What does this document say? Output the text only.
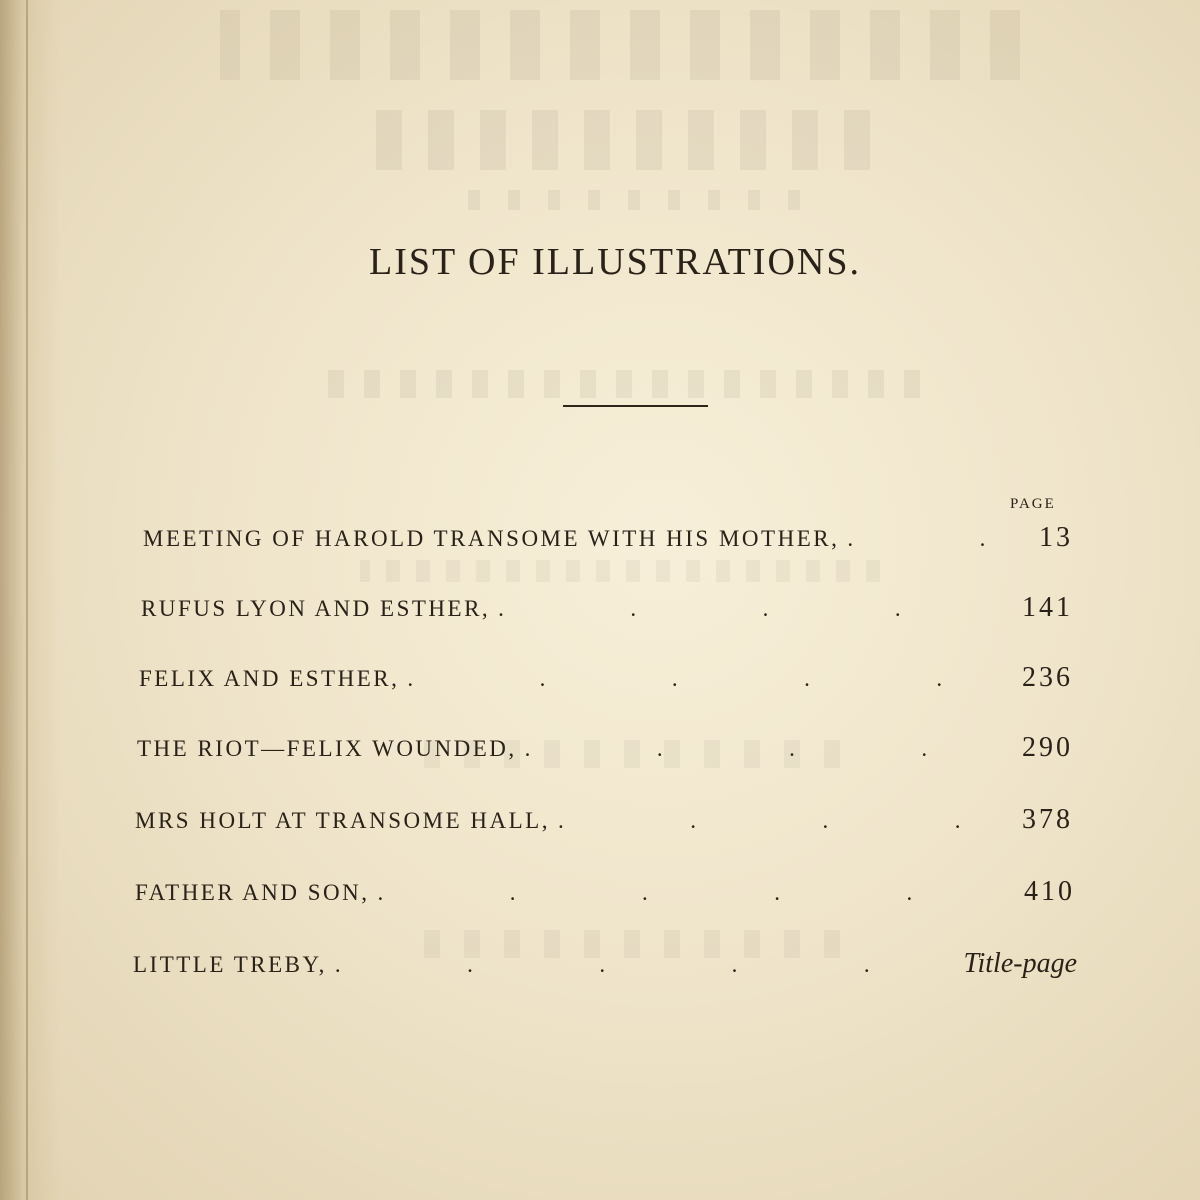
LIST OF ILLUSTRATIONS.
PAGE
MEETING OF HAROLD TRANSOME WITH HIS MOTHER, .	13
RUFUS LYON AND ESTHER, .	141
FELIX AND ESTHER, .	236
THE RIOT—FELIX WOUNDED, .	290
MRS HOLT AT TRANSOME HALL, .	378
FATHER AND SON, .	410
LITTLE TREBY, .	Title-page
